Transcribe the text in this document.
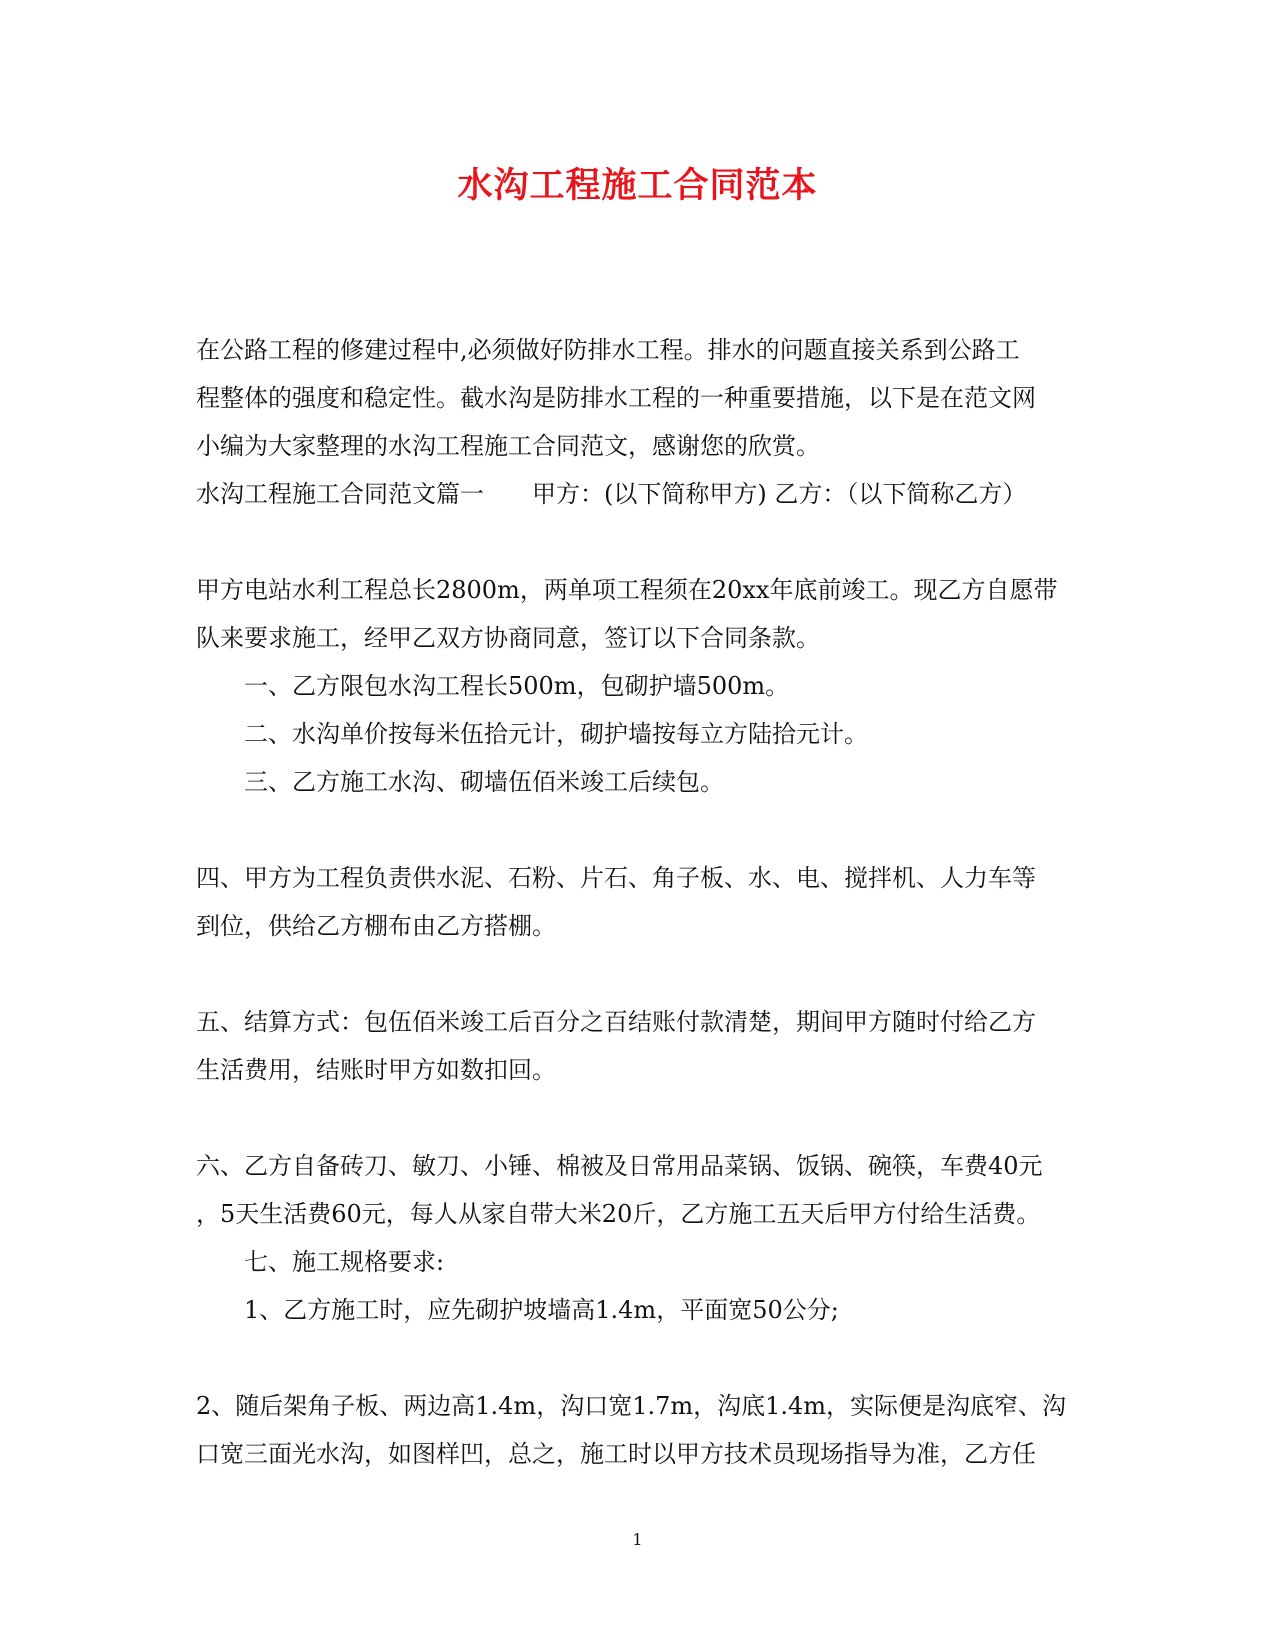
水沟工程施工合同范本
在公路工程的修建过程中,必须做好防排水工程。排水的问题直接关系到公路工
程整体的强度和稳定性。截水沟是防排水工程的一种重要措施，以下是在范文网
小编为大家整理的水沟工程施工合同范文，感谢您的欣赏。
水沟工程施工合同范文篇一　　甲方：(以下简称甲方) 乙方：（以下简称乙方）
甲方电站水利工程总长2800m，两单项工程须在20xx年底前竣工。现乙方自愿带
队来要求施工，经甲乙双方协商同意，签订以下合同条款。
一、乙方限包水沟工程长500m，包砌护墙500m。
二、水沟单价按每米伍拾元计，砌护墙按每立方陆拾元计。
三、乙方施工水沟、砌墙伍佰米竣工后续包。
四、甲方为工程负责供水泥、石粉、片石、角子板、水、电、搅拌机、人力车等
到位，供给乙方棚布由乙方搭棚。
五、结算方式：包伍佰米竣工后百分之百结账付款清楚，期间甲方随时付给乙方
生活费用，结账时甲方如数扣回。
六、乙方自备砖刀、敏刀、小锤、棉被及日常用品菜锅、饭锅、碗筷，车费40元
，5天生活费60元，每人从家自带大米20斤，乙方施工五天后甲方付给生活费。
七、施工规格要求:
1、乙方施工时，应先砌护坡墙高1.4m，平面宽50公分;
2、随后架角子板、两边高1.4m，沟口宽1.7m，沟底1.4m，实际便是沟底窄、沟
口宽三面光水沟，如图样凹，总之，施工时以甲方技术员现场指导为准，乙方任
1
